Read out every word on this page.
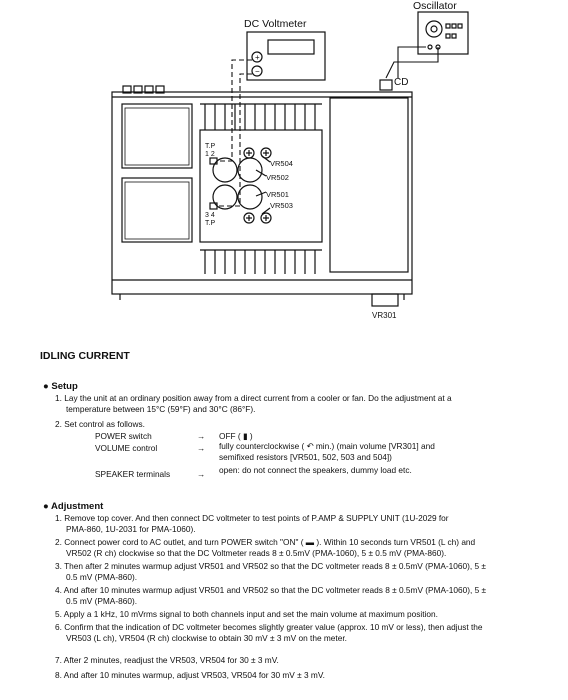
DC Voltmeter
Oscillator
CD
+
−
T.P
1 2
3 4
T.P
VR504
VR502
VR501
VR503
VR301
IDLING CURRENT
● Setup
1. Lay the unit at an ordinary position away from a direct current from a cooler or fan. Do the adjustment at a
temperature between 15°C (59°F) and 30°C (86°F).
2. Set control as follows.
POWER switch	→ OFF ( ▮ )
VOLUME control	→ fully counterclockwise ( ↶ min.) (main volume [VR301] and
semifixed resistors [VR501, 502, 503 and 504])
SPEAKER terminals	→ open: do not connect the speakers, dummy load etc.
● Adjustment
1. Remove top cover. And then connect DC voltmeter to test points of P.AMP & SUPPLY UNIT (1U-2029 for
PMA-860, 1U-2031 for PMA-1060).
2. Connect power cord to AC outlet, and turn POWER switch "ON" ( ▬ ). Within 10 seconds turn VR501 (L ch) and
VR502 (R ch) clockwise so that the DC Voltmeter reads 8 ± 0.5mV (PMA-1060), 5 ± 0.5 mV (PMA-860).
3. Then after 2 minutes warmup adjust VR501 and VR502 so that the DC voltmeter reads 8 ± 0.5mV (PMA-1060), 5 ±
0.5 mV (PMA-860).
4. And after 10 minutes warmup adjust VR501 and VR502 so that the DC voltmeter reads 8 ± 0.5mV (PMA-1060), 5 ±
0.5 mV (PMA-860).
5. Apply a 1 kHz, 10 mVrms signal to both channels input and set the main volume at maximum position.
6. Confirm that the indication of DC voltmeter becomes slightly greater value (approx. 10 mV or less), then adjust the
VR503 (L ch), VR504 (R ch) clockwise to obtain 30 mV ± 3 mV on the meter.
7. After 2 minutes, readjust the VR503, VR504 for 30 ± 3 mV.
8. And after 10 minutes warmup, adjust VR503, VR504 for 30 mV ± 3 mV.
